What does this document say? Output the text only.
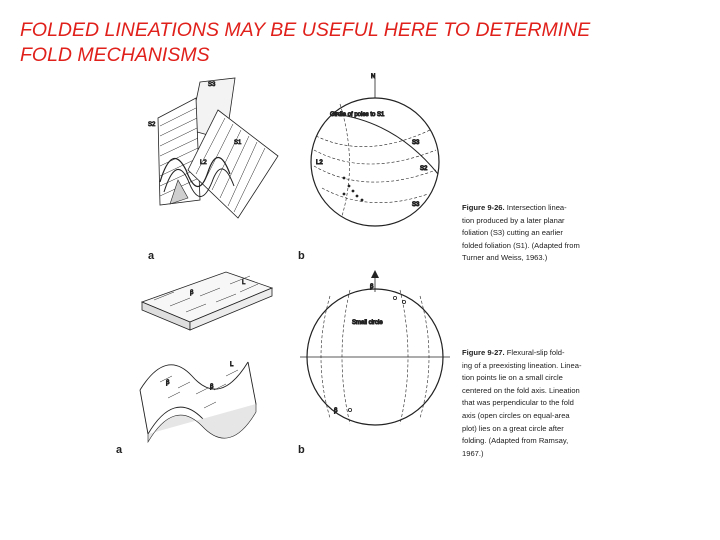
FOLDED LINEATIONS MAY BE USEFUL HERE TO DETERMINE
FOLD MECHANISMS
S3
S2
S1
L2
N
Girdle of poles to S1
S3
L2
S2
S3
L
β
β
β
L
β
β
Small circle
a	b
a	b
Figure 9-26. Intersection linea-
tion produced by a later planar
foliation (S3) cutting an earlier
folded foliation (S1). (Adapted from
Turner and Weiss, 1963.)
Figure 9-27. Flexural-slip fold-
ing of a preexisting lineation. Linea-
tion points lie on a small circle
centered on the fold axis. Lineation
that was perpendicular to the fold
axis (open circles on equal-area
plot) lies on a great circle after
folding. (Adapted from Ramsay,
1967.)
